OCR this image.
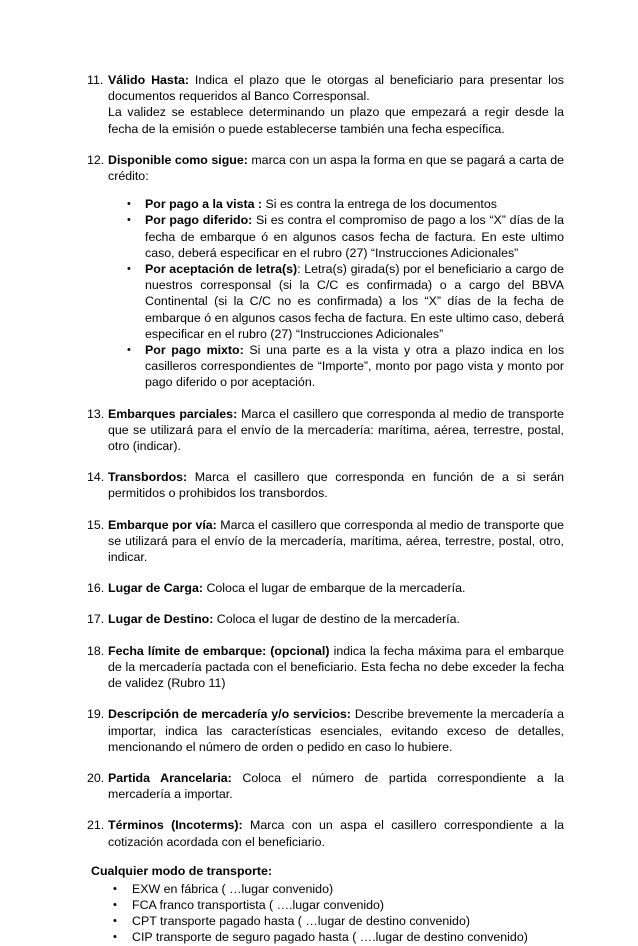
11. Válido Hasta: Indica el plazo que le otorgas al beneficiario para presentar los documentos requeridos al Banco Corresponsal.

La validez se establece determinando un plazo que empezará a regir desde la fecha de la emisión o puede establecerse también una fecha específica.

12. Disponible como sigue: marca con un aspa la forma en que se pagará a carta de crédito:

• Por pago a la vista : Si es contra la entrega de los documentos
• Por pago diferido: Si es contra el compromiso de pago a los “X” días de la fecha de embarque ó en algunos casos fecha de factura. En este ultimo caso, deberá especificar en el rubro (27) “Instrucciones Adicionales”
• Por aceptación de letra(s): Letra(s) girada(s) por el beneficiario a cargo de nuestros corresponsal (si la C/C es confirmada) o a cargo del BBVA Continental (si la C/C no es confirmada) a los “X” días de la fecha de embarque ó en algunos casos fecha de factura. En este ultimo caso, deberá especificar en el rubro (27) “Instrucciones Adicionales”
• Por pago mixto: Si una parte es a la vista y otra a plazo indica en los casilleros correspondientes de “Importe”, monto por pago vista y monto por pago diferido o por aceptación.
13. Embarques parciales: Marca el casillero que corresponda al medio de transporte que se utilizará para el envío de la mercadería: marítima, aérea, terrestre, postal, otro (indicar).

14. Transbordos: Marca el casillero que corresponda en función de a si serán permitidos o prohibidos los transbordos.

15. Embarque por vía: Marca el casillero que corresponda al medio de transporte que se utilizará para el envío de la mercadería, marítima, aérea, terrestre, postal, otro, indicar.

16. Lugar de Carga: Coloca el lugar de embarque de la mercadería.

17. Lugar de Destino: Coloca el lugar de destino de la mercadería.

18. Fecha límite de embarque: (opcional) indica la fecha máxima para el embarque de la mercadería pactada con el beneficiario. Esta fecha no debe exceder la fecha de validez (Rubro 11)

19. Descripción de mercadería y/o servicios: Describe brevemente la mercadería a importar, indica las características esenciales, evitando exceso de detalles, mencionando el número de orden o pedido en caso lo hubiere.

20. Partida Arancelaria: Coloca el número de partida correspondiente a la mercadería a importar.

21. Términos (Incoterms): Marca con un aspa el casillero correspondiente a la cotización acordada con el beneficiario.

Cualquier modo de transporte:
• EXW en fábrica ( …lugar convenido)
• FCA franco transportista ( ….lugar convenido)
• CPT transporte pagado hasta ( …lugar de destino convenido)
• CIP transporte de seguro pagado hasta ( ….lugar de destino convenido)
